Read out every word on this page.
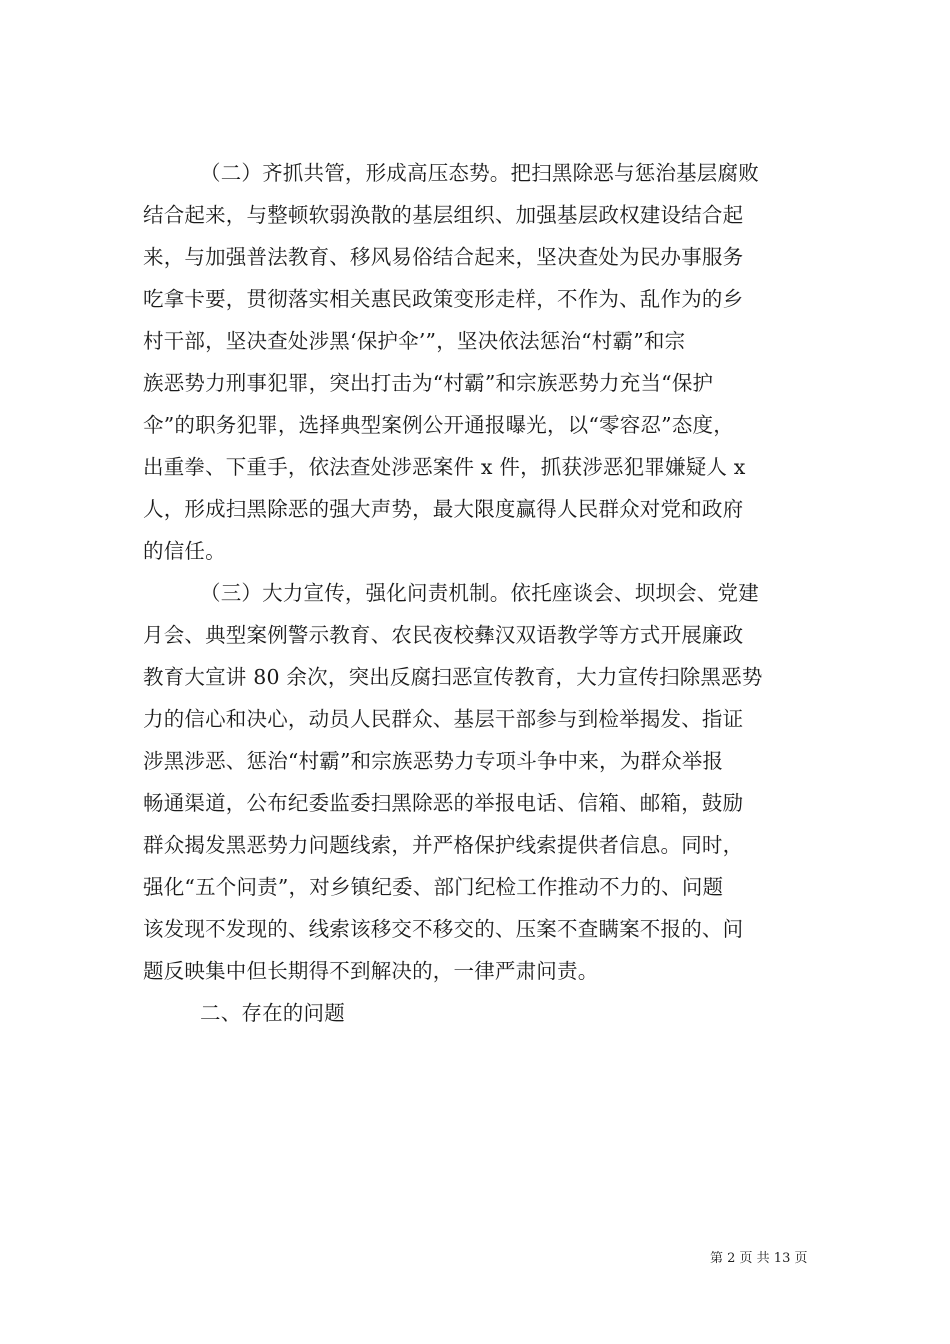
（二）齐抓共管，形成高压态势。把扫黑除恶与惩治基层腐败
结合起来，与整顿软弱涣散的基层组织、加强基层政权建设结合起
来，与加强普法教育、移风易俗结合起来，坚决查处为民办事服务
吃拿卡要，贯彻落实相关惠民政策变形走样，不作为、乱作为的乡
村干部，坚决查处涉黑‘保护伞’”，坚决依法惩治“村霸”和宗
族恶势力刑事犯罪，突出打击为“村霸”和宗族恶势力充当“保护
伞”的职务犯罪，选择典型案例公开通报曝光，以“零容忍”态度，
出重拳、下重手，依法查处涉恶案件 x 件，抓获涉恶犯罪嫌疑人 x
人，形成扫黑除恶的强大声势，最大限度赢得人民群众对党和政府
的信任。
（三）大力宣传，强化问责机制。依托座谈会、坝坝会、党建
月会、典型案例警示教育、农民夜校彝汉双语教学等方式开展廉政
教育大宣讲 80 余次，突出反腐扫恶宣传教育，大力宣传扫除黑恶势
力的信心和决心，动员人民群众、基层干部参与到检举揭发、指证
涉黑涉恶、惩治“村霸”和宗族恶势力专项斗争中来，为群众举报
畅通渠道，公布纪委监委扫黑除恶的举报电话、信箱、邮箱，鼓励
群众揭发黑恶势力问题线索，并严格保护线索提供者信息。同时，
强化“五个问责”，对乡镇纪委、部门纪检工作推动不力的、问题
该发现不发现的、线索该移交不移交的、压案不查瞒案不报的、问
题反映集中但长期得不到解决的，一律严肃问责。
二、存在的问题
第 2 页 共 13 页
